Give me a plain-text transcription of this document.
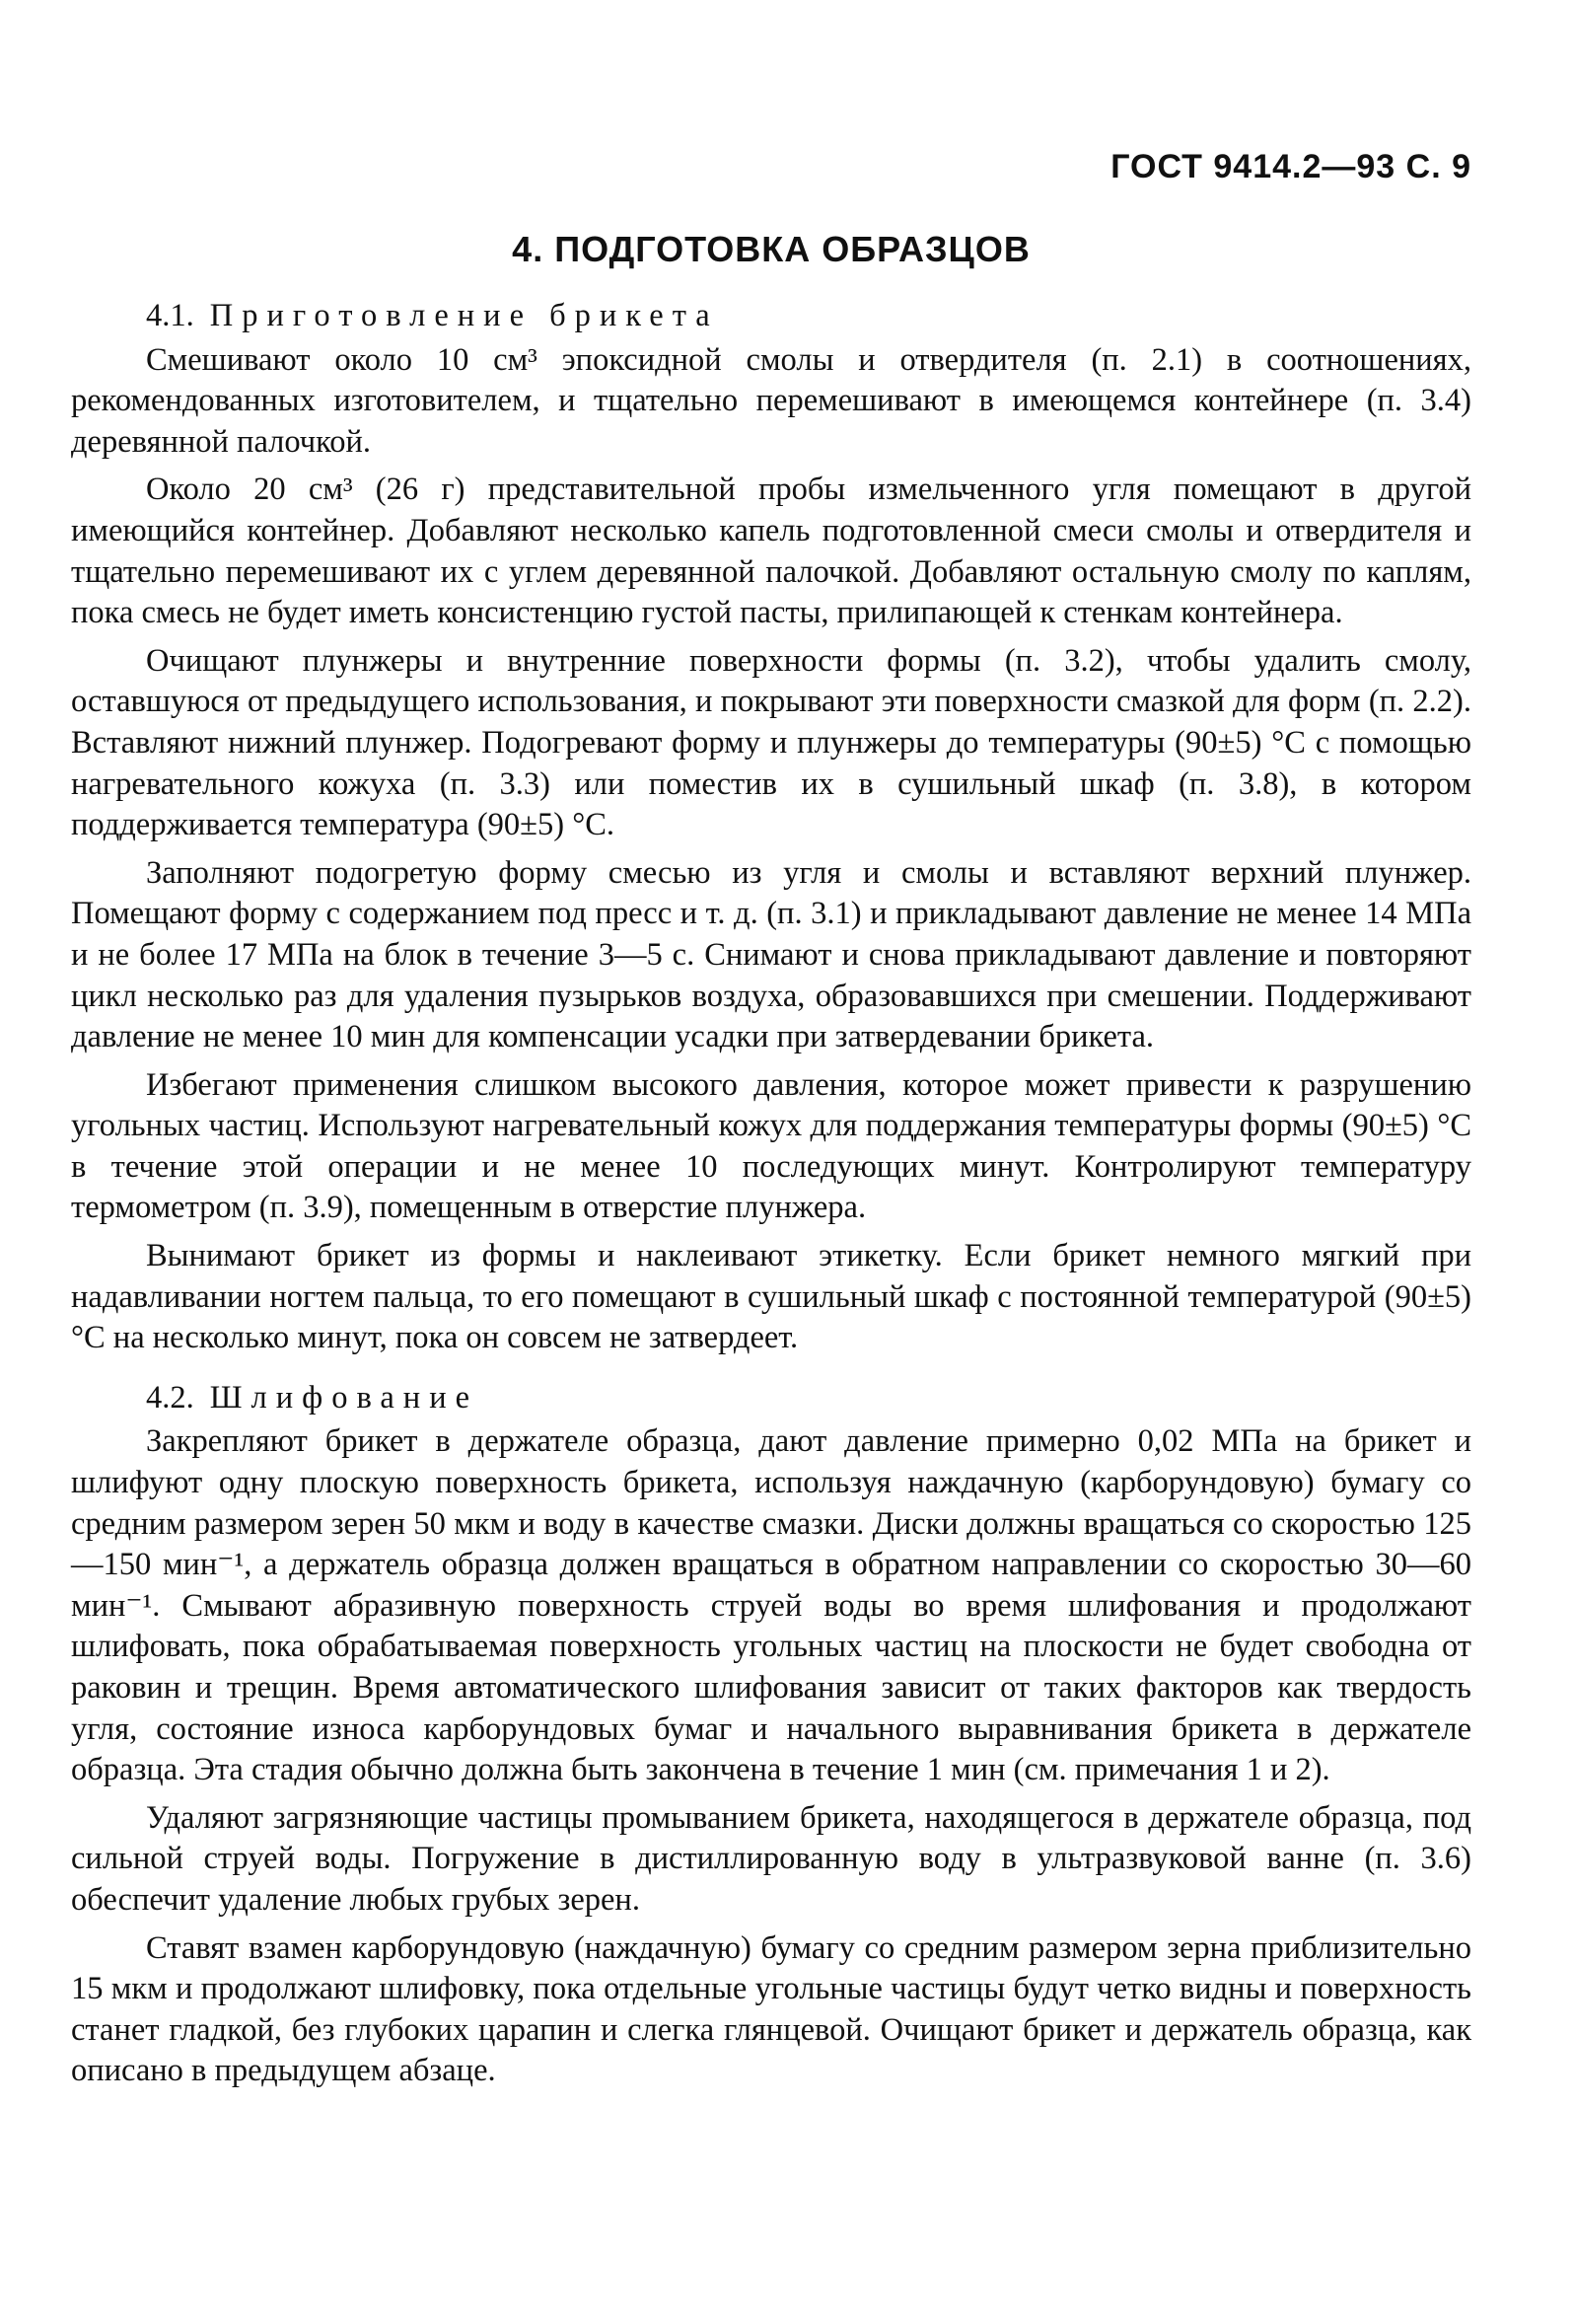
ГОСТ 9414.2—93 С. 9
4. ПОДГОТОВКА ОБРАЗЦОВ
4.1. Приготовление брикета

Смешивают около 10 см³ эпоксидной смолы и отвердителя (п. 2.1) в соотношениях, рекомендованных изготовителем, и тщательно перемешивают в имеющемся контейнере (п. 3.4) деревянной палочкой.

Около 20 см³ (26 г) представительной пробы измельченного угля помещают в другой имеющийся контейнер. Добавляют несколько капель подготовленной смеси смолы и отвердителя и тщательно перемешивают их с углем деревянной палочкой. Добавляют остальную смолу по каплям, пока смесь не будет иметь консистенцию густой пасты, прилипающей к стенкам контейнера.

Очищают плунжеры и внутренние поверхности формы (п. 3.2), чтобы удалить смолу, оставшуюся от предыдущего использования, и покрывают эти поверхности смазкой для форм (п. 2.2). Вставляют нижний плунжер. Подогревают форму и плунжеры до температуры (90±5) °С с помощью нагревательного кожуха (п. 3.3) или поместив их в сушильный шкаф (п. 3.8), в котором поддерживается температура (90±5) °С.

Заполняют подогретую форму смесью из угля и смолы и вставляют верхний плунжер. Помещают форму с содержанием под пресс и т. д. (п. 3.1) и прикладывают давление не менее 14 МПа и не более 17 МПа на блок в течение 3—5 с. Снимают и снова прикладывают давление и повторяют цикл несколько раз для удаления пузырьков воздуха, образовавшихся при смешении. Поддерживают давление не менее 10 мин для компенсации усадки при затвердевании брикета.

Избегают применения слишком высокого давления, которое может привести к разрушению угольных частиц. Используют нагревательный кожух для поддержания температуры формы (90±5) °С в течение этой операции и не менее 10 последующих минут. Контролируют температуру термометром (п. 3.9), помещенным в отверстие плунжера.

Вынимают брикет из формы и наклеивают этикетку. Если брикет немного мягкий при надавливании ногтем пальца, то его помещают в сушильный шкаф с постоянной температурой (90±5) °С на несколько минут, пока он совсем не затвердеет.

4.2. Шлифование

Закрепляют брикет в держателе образца, дают давление примерно 0,02 МПа на брикет и шлифуют одну плоскую поверхность брикета, используя наждачную (карборундовую) бумагу со средним размером зерен 50 мкм и воду в качестве смазки. Диски должны вращаться со скоростью 125—150 мин⁻¹, а держатель образца должен вращаться в обратном направлении со скоростью 30—60 мин⁻¹. Смывают абразивную поверхность струей воды во время шлифования и продолжают шлифовать, пока обрабатываемая поверхность угольных частиц на плоскости не будет свободна от раковин и трещин. Время автоматического шлифования зависит от таких факторов как твердость угля, состояние износа карборундовых бумаг и начального выравнивания брикета в держателе образца. Эта стадия обычно должна быть закончена в течение 1 мин (см. примечания 1 и 2).

Удаляют загрязняющие частицы промыванием брикета, находящегося в держателе образца, под сильной струей воды. Погружение в дистиллированную воду в ультразвуковой ванне (п. 3.6) обеспечит удаление любых грубых зерен.

Ставят взамен карборундовую (наждачную) бумагу со средним размером зерна приблизительно 15 мкм и продолжают шлифовку, пока отдельные угольные частицы будут четко видны и поверхность станет гладкой, без глубоких царапин и слегка глянцевой. Очищают брикет и держатель образца, как описано в предыдущем абзаце.
